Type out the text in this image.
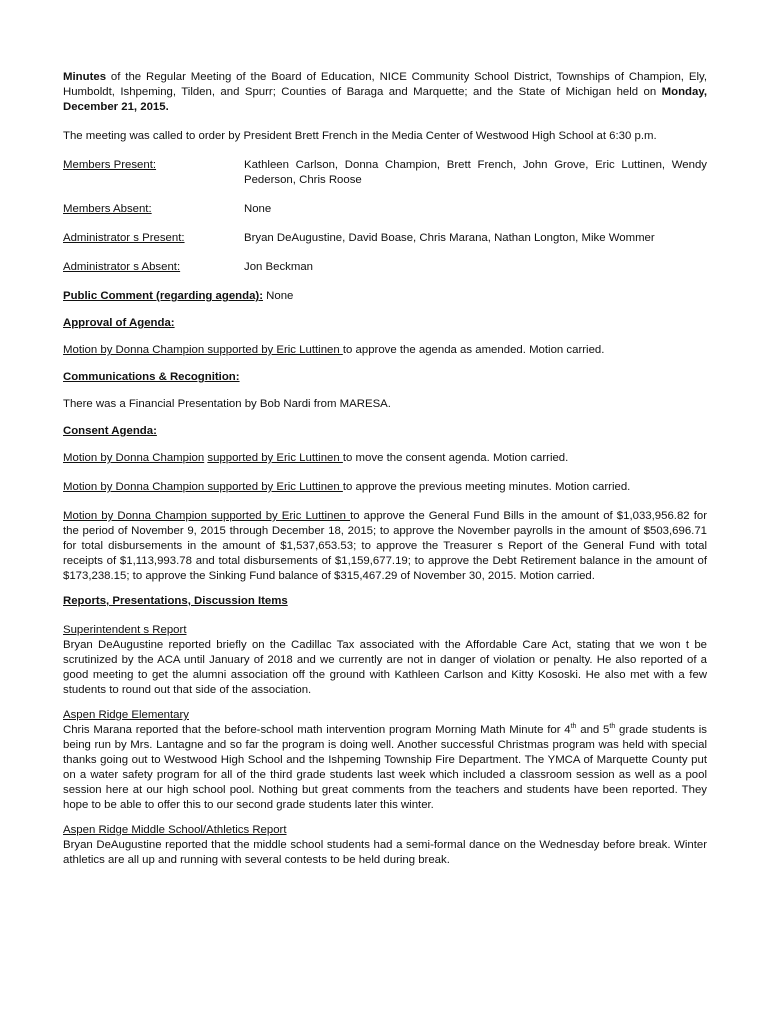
Minutes of the Regular Meeting of the Board of Education, NICE Community School District, Townships of Champion, Ely, Humboldt, Ishpeming, Tilden, and Spurr; Counties of Baraga and Marquette; and the State of Michigan held on Monday, December 21, 2015.

The meeting was called to order by President Brett French in the Media Center of Westwood High School at 6:30 p.m.

Members Present:	Kathleen Carlson, Donna Champion, Brett French, John Grove, Eric Luttinen, Wendy Pederson, Chris Roose
Members Absent:	None
Administrator s Present:	Bryan DeAugustine, David Boase, Chris Marana, Nathan Longton, Mike Wommer
Administrator s Absent:	Jon Beckman

Public Comment (regarding agenda): None

Approval of Agenda:

Motion by Donna Champion supported by Eric Luttinen to approve the agenda as amended. Motion carried.

Communications & Recognition:

There was a Financial Presentation by Bob Nardi from MARESA.

Consent Agenda:

Motion by Donna Champion supported by Eric Luttinen to move the consent agenda. Motion carried.

Motion by Donna Champion supported by Eric Luttinen to approve the previous meeting minutes. Motion carried.

Motion by Donna Champion supported by Eric Luttinen to approve the General Fund Bills in the amount of $1,033,956.82 for the period of November 9, 2015 through December 18, 2015; to approve the November payrolls in the amount of $503,696.71 for total disbursements in the amount of $1,537,653.53; to approve the Treasurer s Report of the General Fund with total receipts of $1,113,993.78 and total disbursements of $1,159,677.19; to approve the Debt Retirement balance in the amount of $173,238.15; to approve the Sinking Fund balance of $315,467.29 of November 30, 2015. Motion carried.

Reports, Presentations, Discussion Items

Superintendent s Report
Bryan DeAugustine reported briefly on the Cadillac Tax associated with the Affordable Care Act, stating that we won t be scrutinized by the ACA until January of 2018 and we currently are not in danger of violation or penalty. He also reported of a good meeting to get the alumni association off the ground with Kathleen Carlson and Kitty Kososki. He also met with a few students to round out that side of the association.

Aspen Ridge Elementary
Chris Marana reported that the before-school math intervention program Morning Math Minute for 4th and 5th grade students is being run by Mrs. Lantagne and so far the program is doing well. Another successful Christmas program was held with special thanks going out to Westwood High School and the Ishpeming Township Fire Department. The YMCA of Marquette County put on a water safety program for all of the third grade students last week which included a classroom session as well as a pool session here at our high school pool. Nothing but great comments from the teachers and students have been reported. They hope to be able to offer this to our second grade students later this winter.

Aspen Ridge Middle School/Athletics Report
Bryan DeAugustine reported that the middle school students had a semi-formal dance on the Wednesday before break. Winter athletics are all up and running with several contests to be held during break.
